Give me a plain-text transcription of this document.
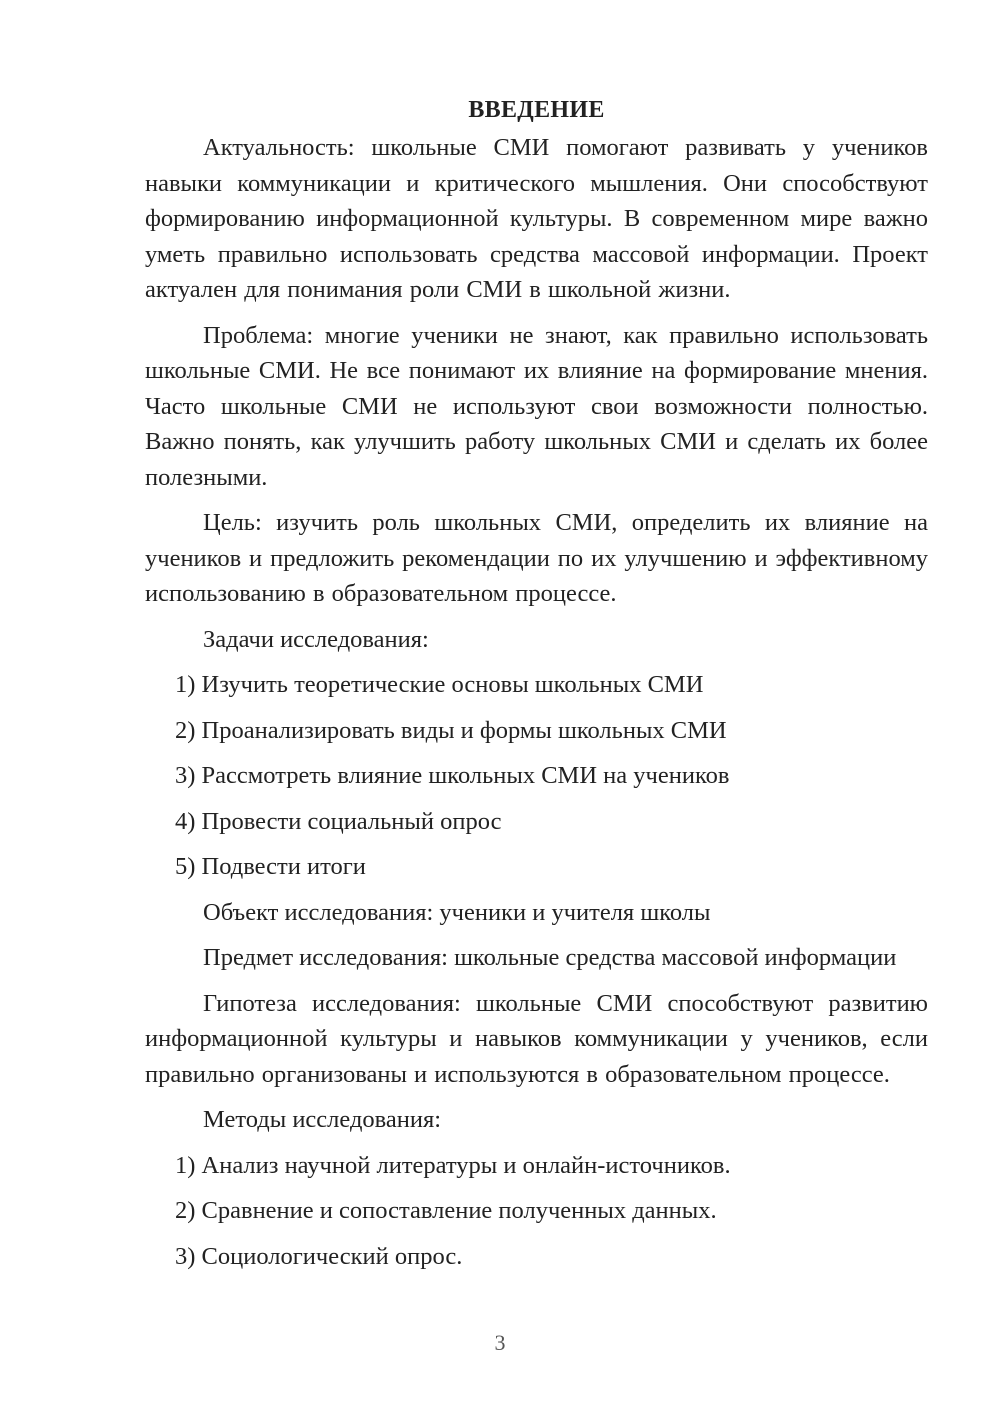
ВВЕДЕНИЕ

Актуальность: школьные СМИ помогают развивать у учеников навыки коммуникации и критического мышления. Они способствуют формированию информационной культуры. В современном мире важно уметь правильно использовать средства массовой информации. Проект актуален для понимания роли СМИ в школьной жизни.

Проблема: многие ученики не знают, как правильно использовать школьные СМИ. Не все понимают их влияние на формирование мнения. Часто школьные СМИ не используют свои возможности полностью. Важно понять, как улучшить работу школьных СМИ и сделать их более полезными.

Цель: изучить роль школьных СМИ, определить их влияние на учеников и предложить рекомендации по их улучшению и эффективному использованию в образовательном процессе.

Задачи исследования:
1) Изучить теоретические основы школьных СМИ
2) Проанализировать виды и формы школьных СМИ
3) Рассмотреть влияние школьных СМИ на учеников
4) Провести социальный опрос
5) Подвести итоги
Объект исследования: ученики и учителя школы
Предмет исследования: школьные средства массовой информации

Гипотеза исследования: школьные СМИ способствуют развитию информационной культуры и навыков коммуникации у учеников, если правильно организованы и используются в образовательном процессе.

Методы исследования:
1) Анализ научной литературы и онлайн-источников.
2) Сравнение и сопоставление полученных данных.
3) Социологический опрос.
3
